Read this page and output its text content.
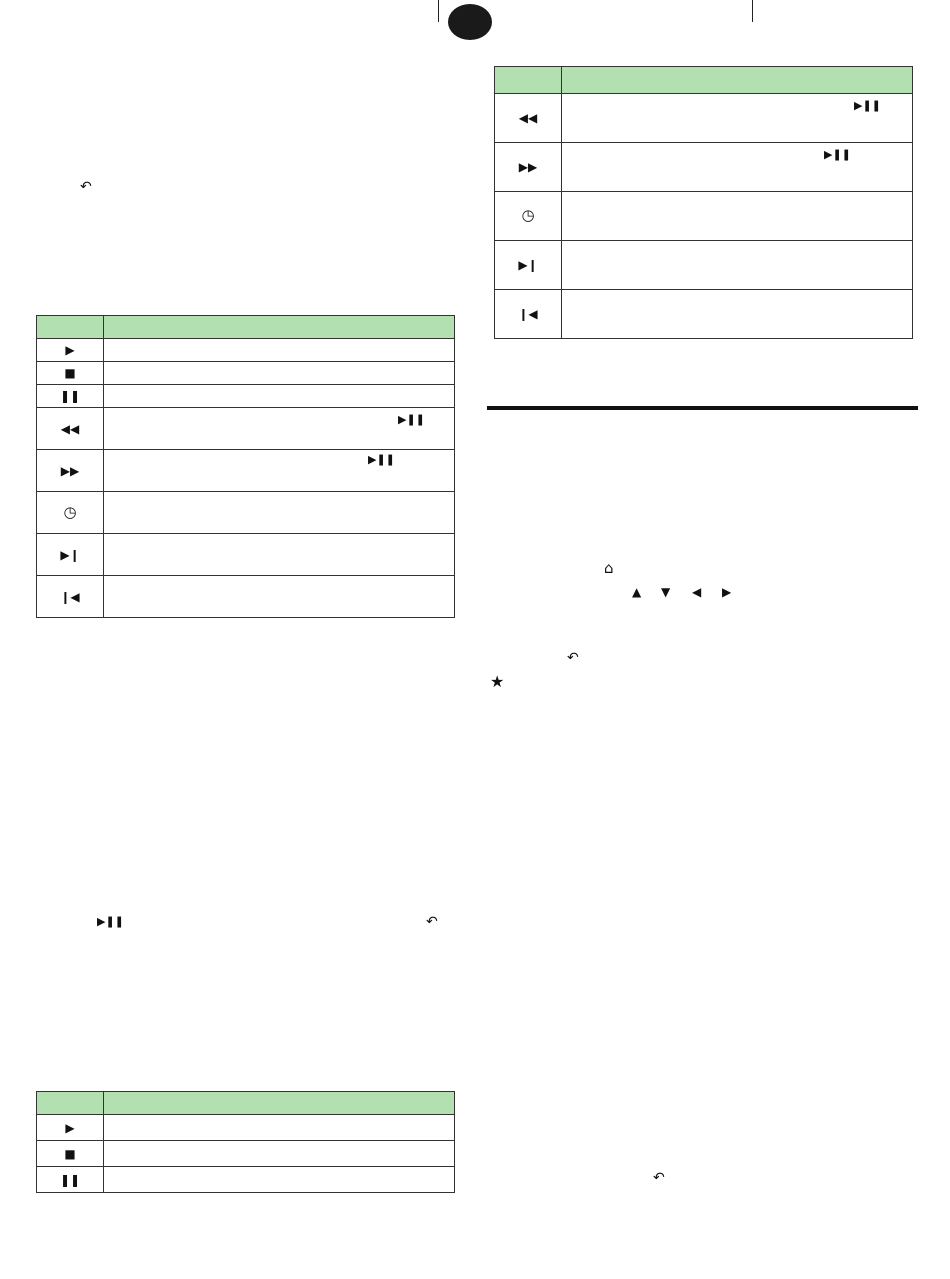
↶

▶	
■	
❚❚	
◀◀	▶❚❚

▶▶	▶❚❚

◷	
▶❙	
❙◀	
▶❚❚	↶

▶	
■	
❚❚	

◀◀	▶❚❚

▶▶	▶❚❚

◷	
▶❙	
❙◀	
⌂
▲ ▼ ◀ ▶
↶
★
↶
